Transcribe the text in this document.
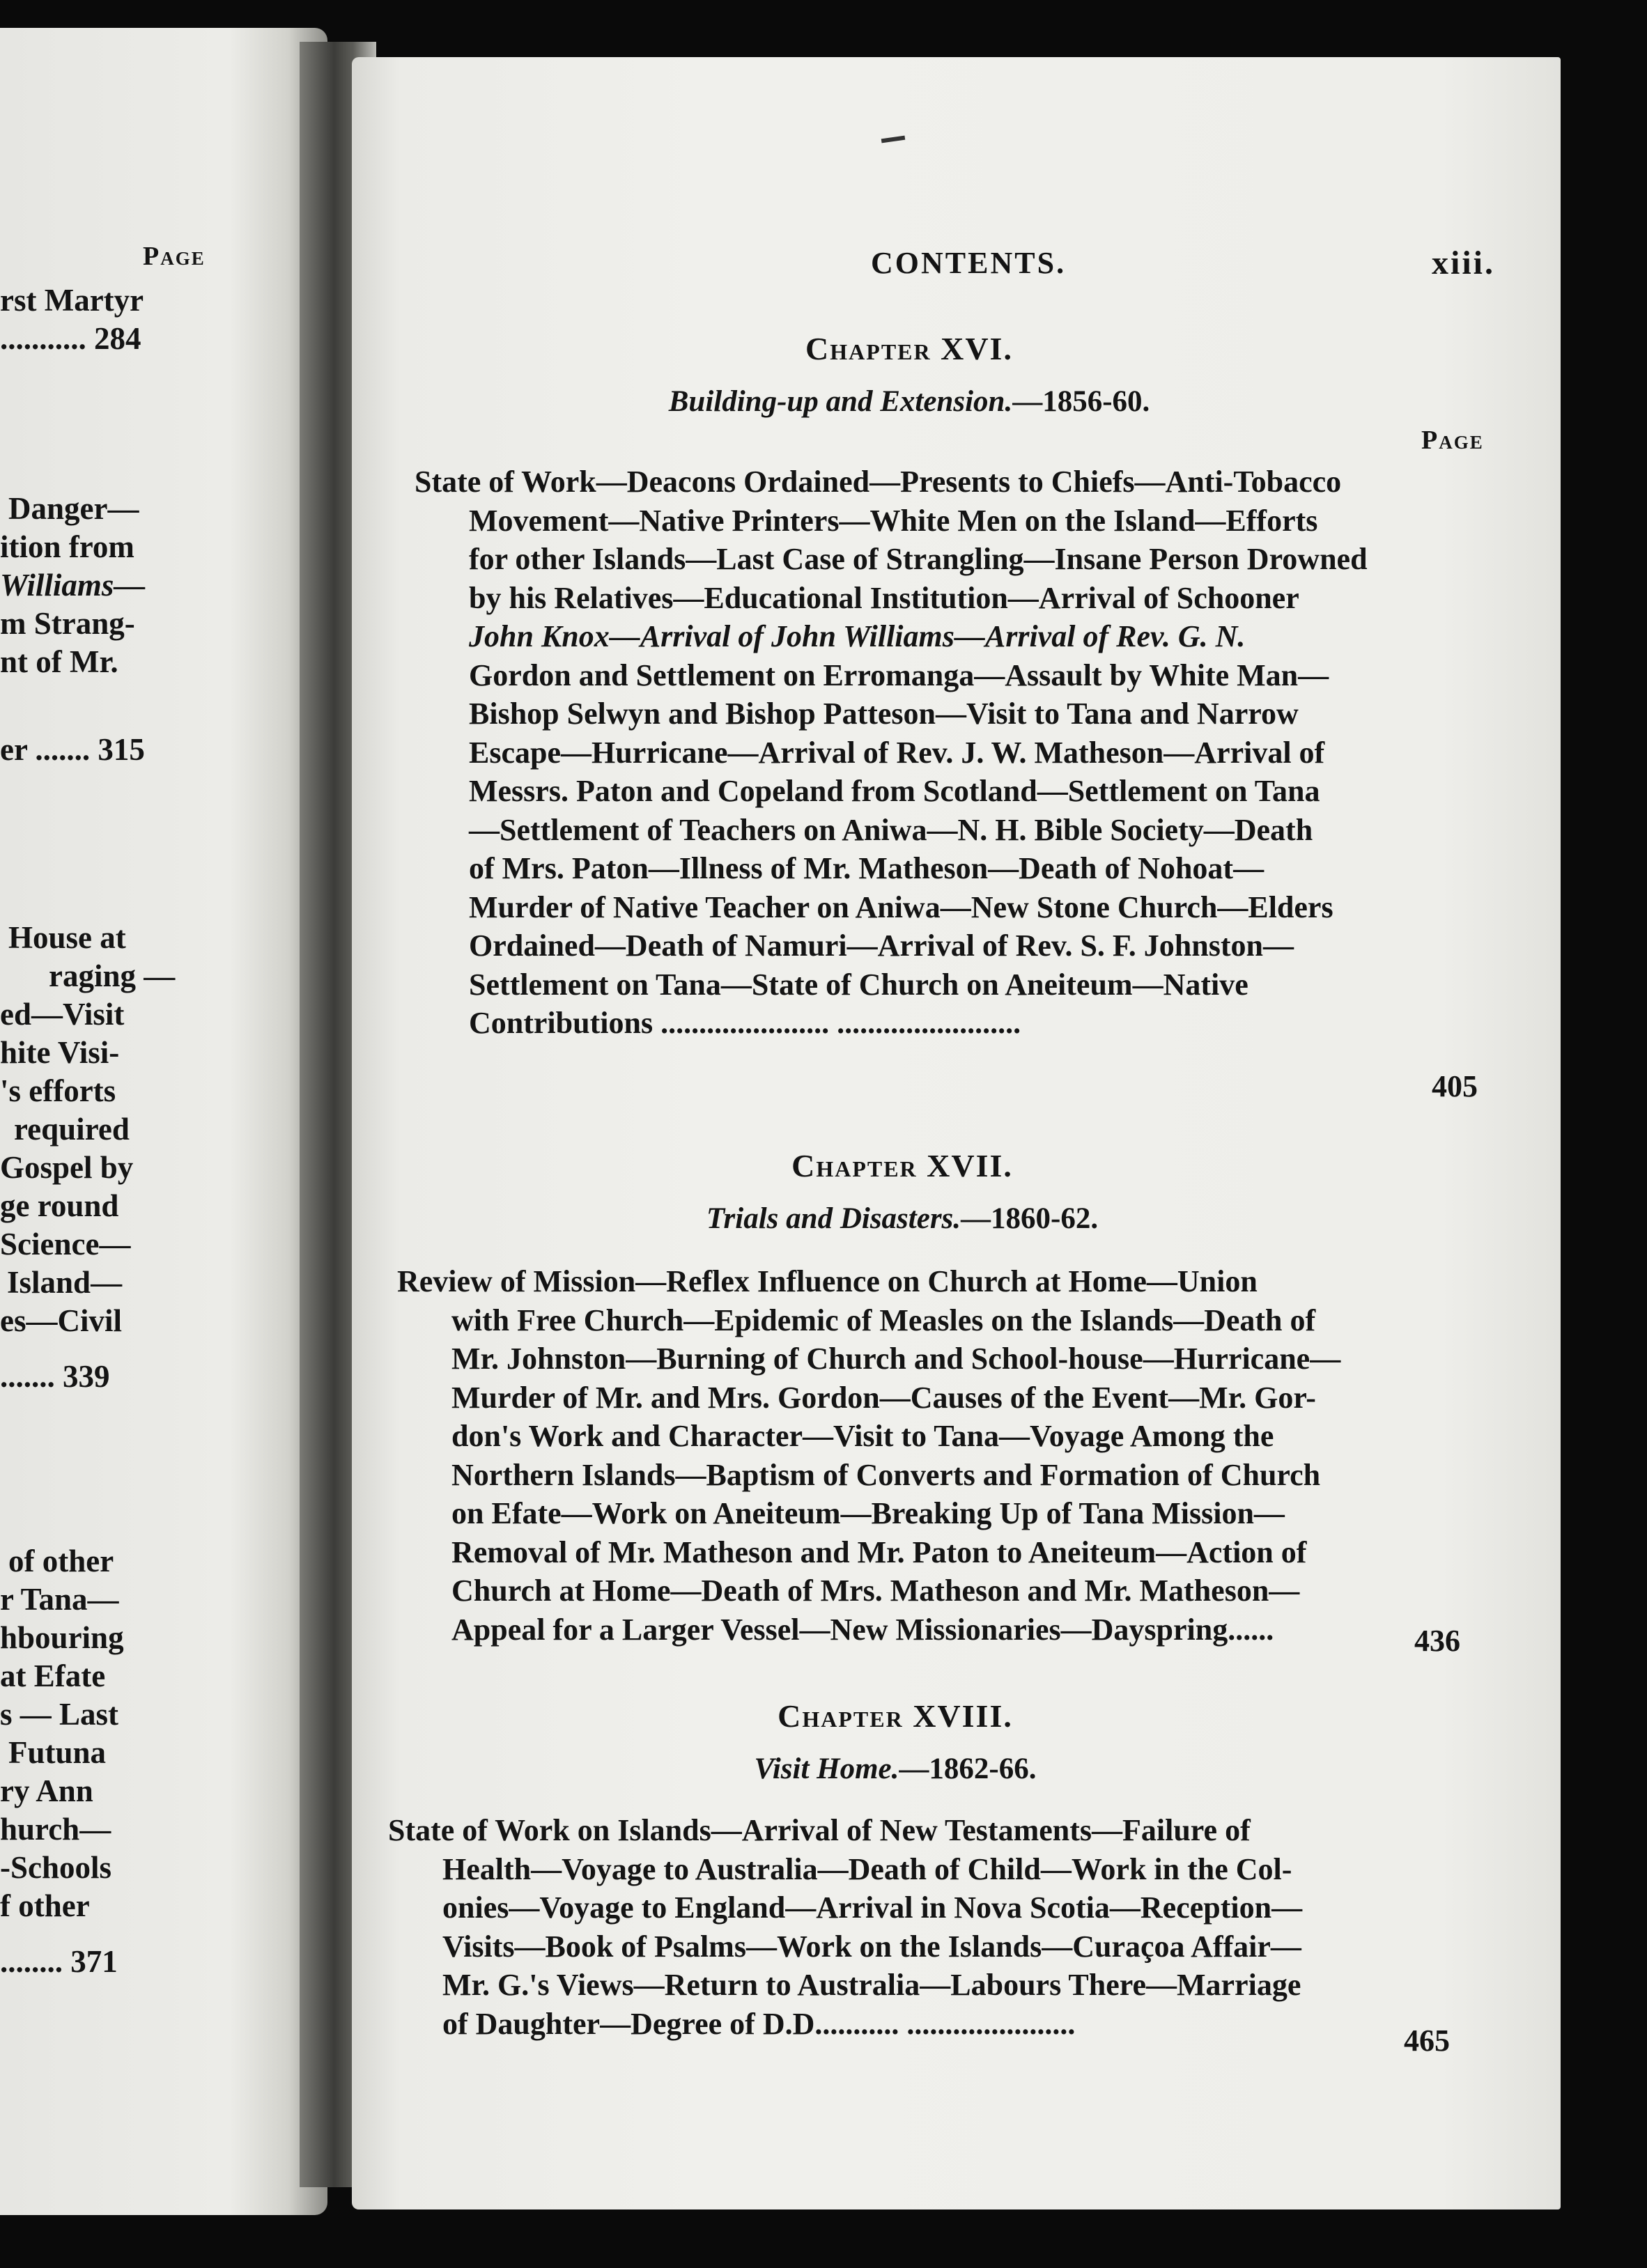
Page
rst Martyr
........... 284
Danger—
ition from
Williams—
m Strang-
nt of Mr.
er ....... 315
House at
raging —
ed—Visit
hite Visi-
's efforts
required
Gospel by
ge round
Science—
Island—
es—Civil
....... 339
of other
r Tana—
hbouring
at Efate
s — Last
Futuna
ry Ann
hurch—
-Schools
f other
........ 371
CONTENTS.	xiii.
Chapter XVI.
Building-up and Extension.—1856-60.
Page
State of Work—Deacons Ordained—Presents to Chiefs—Anti-Tobacco
Movement—Native Printers—White Men on the Island—Efforts
for other Islands—Last Case of Strangling—Insane Person Drowned
by his Relatives—Educational Institution—Arrival of Schooner
John Knox—Arrival of John Williams—Arrival of Rev. G. N.
Gordon and Settlement on Erromanga—Assault by White Man—
Bishop Selwyn and Bishop Patteson—Visit to Tana and Narrow
Escape—Hurricane—Arrival of Rev. J. W. Matheson—Arrival of
Messrs. Paton and Copeland from Scotland—Settlement on Tana
—Settlement of Teachers on Aniwa—N. H. Bible Society—Death
of Mrs. Paton—Illness of Mr. Matheson—Death of Nohoat—
Murder of Native Teacher on Aniwa—New Stone Church—Elders
Ordained—Death of Namuri—Arrival of Rev. S. F. Johnston—
Settlement on Tana—State of Church on Aneiteum—Native
Contributions ...................... ........................
405
Chapter XVII.
Trials and Disasters.—1860-62.
Review of Mission—Reflex Influence on Church at Home—Union
with Free Church—Epidemic of Measles on the Islands—Death of
Mr. Johnston—Burning of Church and School-house—Hurricane—
Murder of Mr. and Mrs. Gordon—Causes of the Event—Mr. Gor-
don's Work and Character—Visit to Tana—Voyage Among the
Northern Islands—Baptism of Converts and Formation of Church
on Efate—Work on Aneiteum—Breaking Up of Tana Mission—
Removal of Mr. Matheson and Mr. Paton to Aneiteum—Action of
Church at Home—Death of Mrs. Matheson and Mr. Matheson—
Appeal for a Larger Vessel—New Missionaries—Dayspring......	436
Chapter XVIII.
Visit Home.—1862-66.
State of Work on Islands—Arrival of New Testaments—Failure of
Health—Voyage to Australia—Death of Child—Work in the Col-
onies—Voyage to England—Arrival in Nova Scotia—Reception—
Visits—Book of Psalms—Work on the Islands—Curaçoa Affair—
Mr. G.'s Views—Return to Australia—Labours There—Marriage
of Daughter—Degree of D.D........... ......................	465
